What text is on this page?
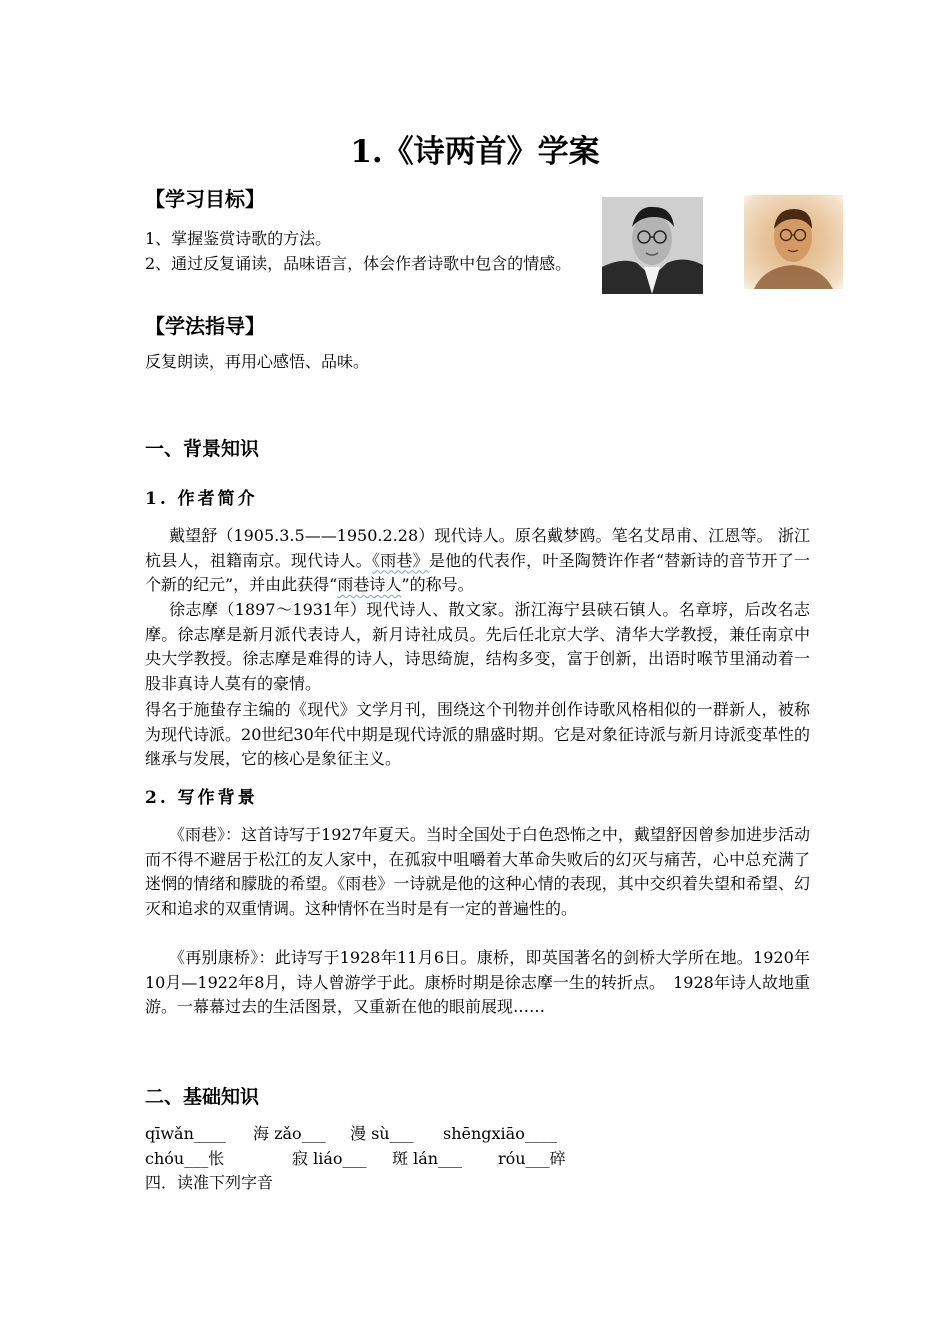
1.《诗两首》学案
【学习目标】
1、掌握鉴赏诗歌的方法。
2、通过反复诵读，品味语言，体会作者诗歌中包含的情感。
【学法指导】
反复朗读，再用心感悟、品味。
一、背景知识
1. 作者简介
戴望舒（1905.3.5——1950.2.28）现代诗人。原名戴梦鸥。笔名艾昂甫、江恩等。 浙江杭县人，祖籍南京。现代诗人。《雨巷》是他的代表作，叶圣陶赞许作者“替新诗的音节开了一个新的纪元”，并由此获得“雨巷诗人”的称号。
徐志摩（1897～1931年）现代诗人、散文家。浙江海宁县硖石镇人。名章垿，后改名志摩。徐志摩是新月派代表诗人，新月诗社成员。先后任北京大学、清华大学教授，兼任南京中央大学教授。徐志摩是难得的诗人，诗思绮旎，结构多变，富于创新，出语时喉节里涌动着一股非真诗人莫有的豪情。
得名于施蛰存主编的《现代》文学月刊，围绕这个刊物并创作诗歌风格相似的一群新人，被称为现代诗派。20世纪30年代中期是现代诗派的鼎盛时期。它是对象征诗派与新月诗派变革性的继承与发展，它的核心是象征主义。
2. 写作背景
《雨巷》：这首诗写于1927年夏天。当时全国处于白色恐怖之中，戴望舒因曾参加进步活动而不得不避居于松江的友人家中，在孤寂中咀嚼着大革命失败后的幻灭与痛苦，心中总充满了迷惘的情绪和朦胧的希望。《雨巷》一诗就是他的这种心情的表现，其中交织着失望和希望、幻灭和追求的双重情调。这种情怀在当时是有一定的普遍性的。
《再别康桥》：此诗写于1928年11月6日。康桥，即英国著名的剑桥大学所在地。1920年10月—1922年8月，诗人曾游学于此。康桥时期是徐志摩一生的转折点。　1928年诗人故地重游。一幕幕过去的生活图景，又重新在他的眼前展现……
二、基础知识
qīwǎn____ 海 zǎo___ 漫 sù___ shēngxiāo____
chóu___怅	寂 liáo___ 斑 lán___ róu___碎
四．读准下列字音
